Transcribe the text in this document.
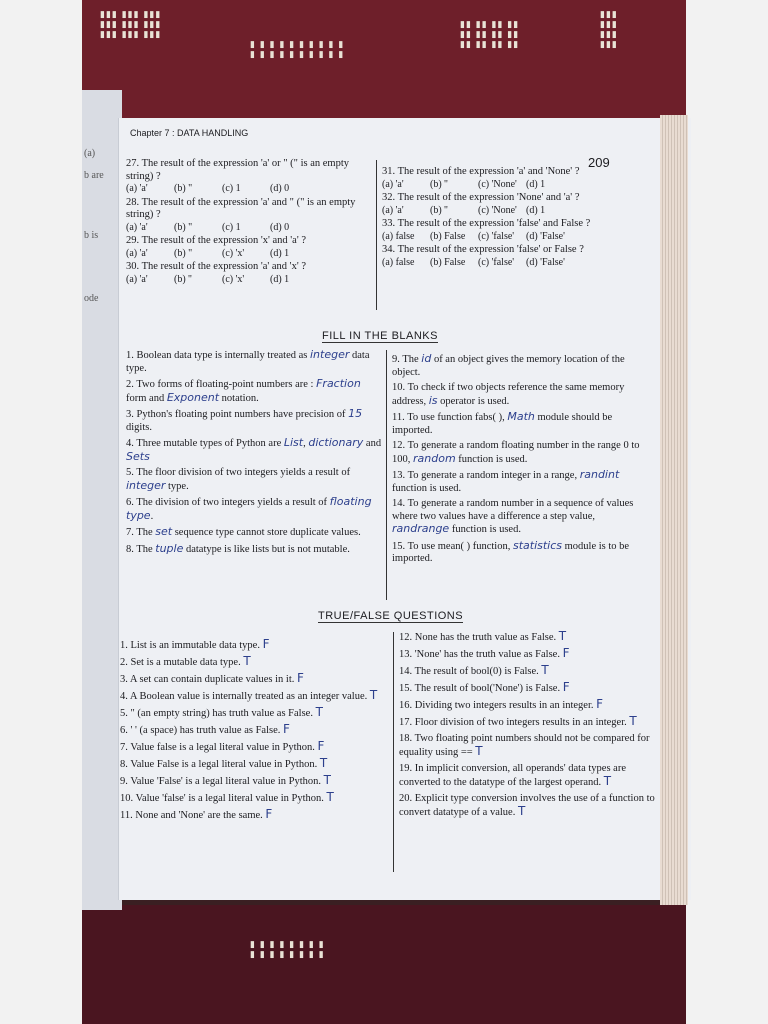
▮▮▮ ▮▮▮ ▮▮▮
▮▮▮ ▮▮▮ ▮▮▮
▮▮▮ ▮▮▮ ▮▮▮
▮ ▮ ▮ ▮ ▮ ▮ ▮ ▮ ▮ ▮
▮ ▮ ▮ ▮ ▮ ▮ ▮ ▮ ▮ ▮
▮▮ ▮▮ ▮▮ ▮▮
▮▮ ▮▮ ▮▮ ▮▮
▮▮ ▮▮ ▮▮ ▮▮
▮▮▮
▮▮▮
▮▮▮
▮▮▮
▮ ▮ ▮ ▮ ▮ ▮ ▮ ▮
▮ ▮ ▮ ▮ ▮ ▮ ▮ ▮
(a)
b are
b is
ode
Chapter 7 : DATA HANDLING
209
27. The result of the expression 'a' or " (" is an empty string) ?
(a) 'a'	(b) "	(c) 1	(d) 0
28. The result of the expression 'a' and " (" is an empty string) ?
(a) 'a'	(b) "	(c) 1	(d) 0
29. The result of the expression 'x' and 'a' ?
(a) 'a'	(b) "	(c) 'x'	(d) 1
30. The result of the expression 'a' and 'x' ?
(a) 'a'	(b) ''	(c) 'x'	(d) 1
31. The result of the expression 'a' and 'None' ?
(a) 'a'	(b) ''	(c) 'None' (d) 1
32. The result of the expression 'None' and 'a' ?
(a) 'a'	(b) ''	(c) 'None' (d) 1
33. The result of the expression 'false' and False ?
(a) false	(b) False	(c) 'false'	(d) 'False'
34. The result of the expression 'false' or False ?
(a) false	(b) False	(c) 'false'	(d) 'False'
FILL IN THE BLANKS
1. Boolean data type is internally treated as integer data type.
2. Two forms of floating-point numbers are : Fraction form and Exponent notation.
3. Python's floating point numbers have precision of 15 digits.
4. Three mutable types of Python are List, dictionary and Sets
5. The floor division of two integers yields a result of integer type.
6. The division of two integers yields a result of floating type.
7. The set sequence type cannot store duplicate values.
8. The tuple datatype is like lists but is not mutable.
9. The id of an object gives the memory location of the object.
10. To check if two objects reference the same memory address, is operator is used.
11. To use function fabs( ), Math module should be imported.
12. To generate a random floating number in the range 0 to 100, random function is used.
13. To generate a random integer in a range, randint function is used.
14. To generate a random number in a sequence of values where two values have a difference a step value, randrange function is used.
15. To use mean( ) function, statistics module is to be imported.
TRUE/FALSE QUESTIONS
1. List is an immutable data type. F
2. Set is a mutable data type. T
3. A set can contain duplicate values in it. F
4. A Boolean value is internally treated as an integer value. T
5. " (an empty string) has truth value as False. T
6. ' ' (a space) has truth value as False. F
7. Value false is a legal literal value in Python. F
8. Value False is a legal literal value in Python. T
9. Value 'False' is a legal literal value in Python. T
10. Value 'false' is a legal literal value in Python. T
11. None and 'None' are the same. F
12. None has the truth value as False. T
13. 'None' has the truth value as False. F
14. The result of bool(0) is False. T
15. The result of bool('None') is False. F
16. Dividing two integers results in an integer. F
17. Floor division of two integers results in an integer. T
18. Two floating point numbers should not be compared for equality using == T
19. In implicit conversion, all operands' data types are converted to the datatype of the largest operand. T
20. Explicit type conversion involves the use of a function to convert datatype of a value. T
